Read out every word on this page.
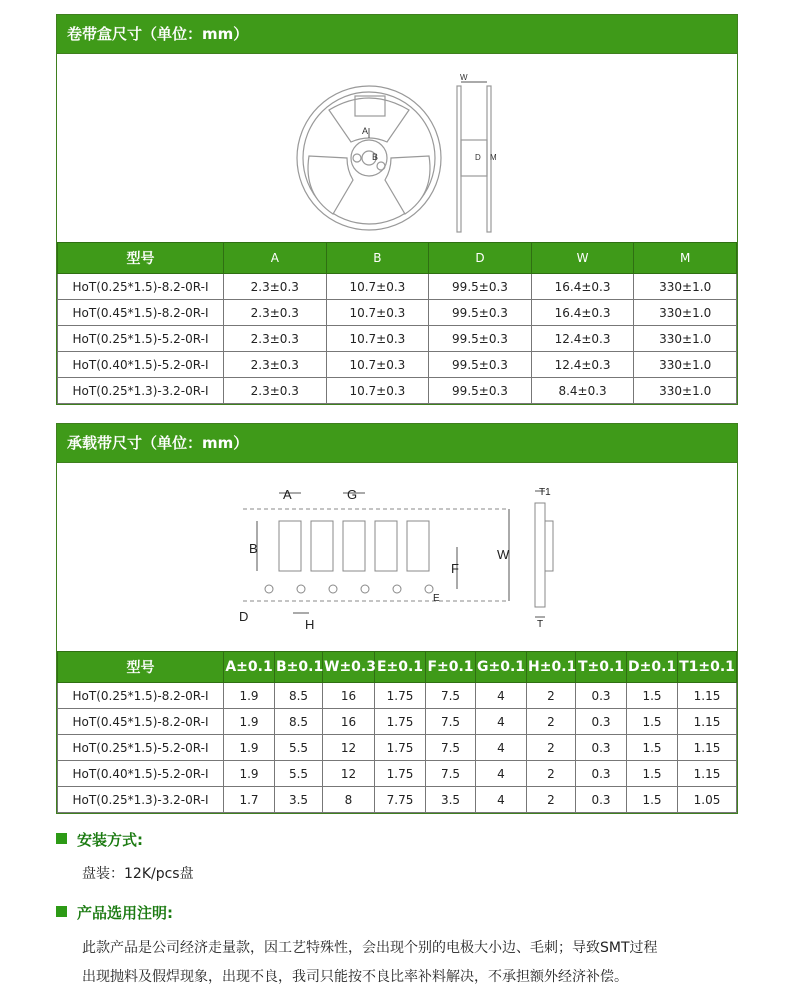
卷带盒尺寸（单位：mm）
A
B
W
D M
型号	A	B	D	W	M
HoT(0.25*1.5)-8.2-0R-I	2.3±0.3	10.7±0.3	99.5±0.3	16.4±0.3	330±1.0
HoT(0.45*1.5)-8.2-0R-I	2.3±0.3	10.7±0.3	99.5±0.3	16.4±0.3	330±1.0
HoT(0.25*1.5)-5.2-0R-I	2.3±0.3	10.7±0.3	99.5±0.3	12.4±0.3	330±1.0
HoT(0.40*1.5)-5.2-0R-I	2.3±0.3	10.7±0.3	99.5±0.3	12.4±0.3	330±1.0
HoT(0.25*1.3)-3.2-0R-I	2.3±0.3	10.7±0.3	99.5±0.3	8.4±0.3	330±1.0
承载带尺寸（单位：mm）
A	G
B	W
F
E
D
H
T1
T
型号	A±0.1	B±0.1	W±0.3	E±0.1	F±0.1	G±0.1	H±0.1	T±0.1	D±0.1	T1±0.1
HoT(0.25*1.5)-8.2-0R-I	1.9	8.5	16	1.75	7.5	4	2	0.3	1.5	1.15
HoT(0.45*1.5)-8.2-0R-I	1.9	8.5	16	1.75	7.5	4	2	0.3	1.5	1.15
HoT(0.25*1.5)-5.2-0R-I	1.9	5.5	12	1.75	7.5	4	2	0.3	1.5	1.15
HoT(0.40*1.5)-5.2-0R-I	1.9	5.5	12	1.75	7.5	4	2	0.3	1.5	1.15
HoT(0.25*1.3)-3.2-0R-I	1.7	3.5	8	7.75	3.5	4	2	0.3	1.5	1.05
安装方式:
盘装：12K/pcs盘
产品选用注明:
此款产品是公司经济走量款，因工艺特殊性，会出现个别的电极大小边、毛刺；导致SMT过程
出现抛料及假焊现象，出现不良，我司只能按不良比率补料解决，不承担额外经济补偿。
